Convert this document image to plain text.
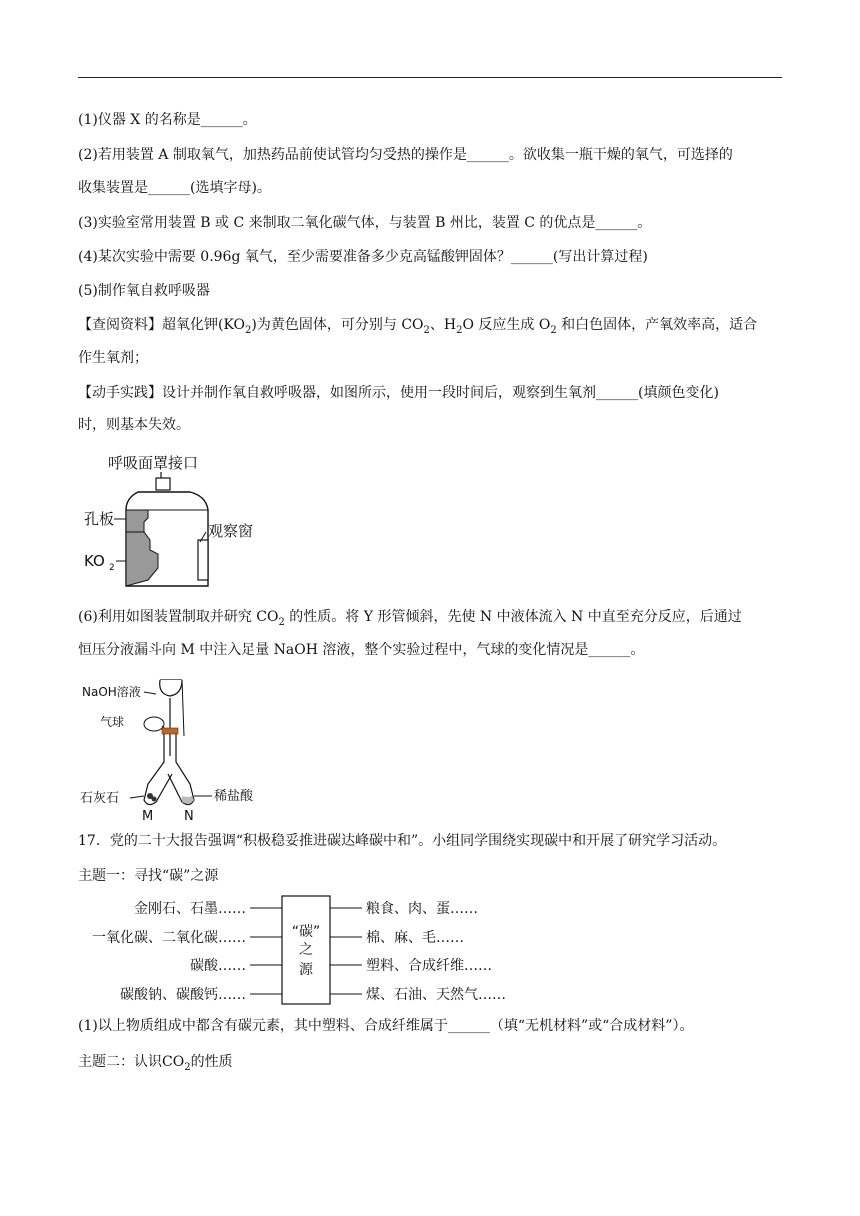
(1)仪器 X 的名称是______。
(2)若用装置 A 制取氧气，加热药品前使试管均匀受热的操作是______。欲收集一瓶干燥的氧气，可选择的
收集装置是______(选填字母)。
(3)实验室常用装置 B 或 C 来制取二氧化碳气体，与装置 B 州比，装置 C 的优点是______。
(4)某次实验中需要 0.96g 氧气，至少需要准备多少克高锰酸钾固体？______(写出计算过程)
(5)制作氧自救呼吸器
【查阅资料】超氧化钾$(KO_2)$为黄色固体，可分别与 $CO_2$、$H_2O$ 反应生成 $O_2$ 和白色固体，产氧效率高，适合
作生氧剂；
【动手实践】设计并制作氧自救呼吸器，如图所示，使用一段时间后，观察到生氧剂______(填颜色变化)
时，则基本失效。
呼吸面罩接口
孔板
KO 2
观察窗
(6)利用如图装置制取并研究 $CO_2$ 的性质。将 Y 形管倾斜，先使 N 中液体流入 N 中直至充分反应，后通过
恒压分液漏斗向 M 中注入足量 NaOH 溶液，整个实验过程中，气球的变化情况是______。
NaOH溶液
气球
石灰石	稀盐酸
M N
17．党的二十大报告强调“积极稳妥推进碳达峰碳中和”。小组同学围绕实现碳中和开展了研究学习活动。
主题一：寻找“碳”之源
“碳”
之
源
金刚石、石墨……
一氧化碳、二氧化碳……
碳酸……
碳酸钠、碳酸钙……
粮食、肉、蛋……
棉、麻、毛……
塑料、合成纤维……
煤、石油、天然气……
(1)以上物质组成中都含有碳元素，其中塑料、合成纤维属于______（填“无机材料”或“合成材料”）。
主题二：认识$CO_2$的性质
